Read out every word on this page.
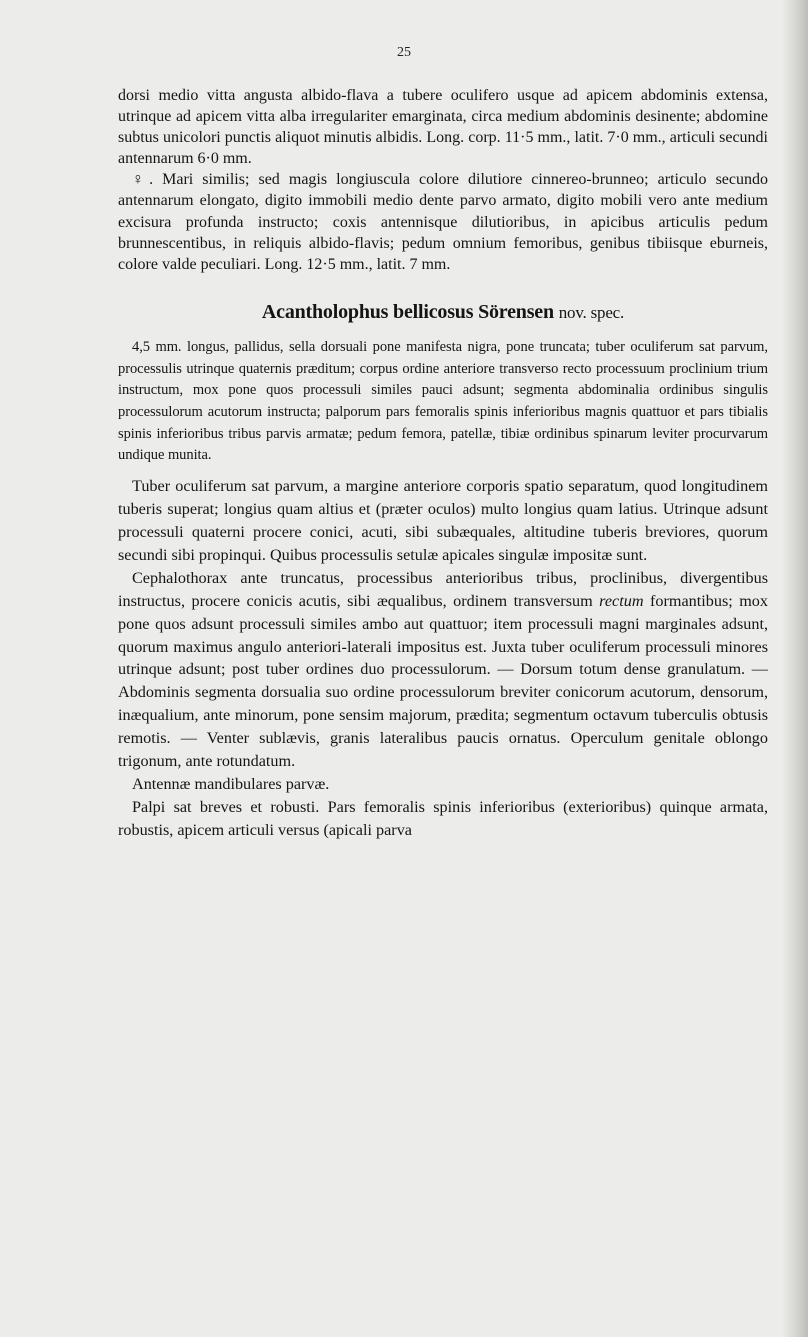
25

dorsi medio vitta angusta albido-flava a tubere oculifero usque ad apicem abdominis extensa, utrinque ad apicem vitta alba irregulariter emarginata, circa medium abdominis desinente; abdomine subtus unicolori punctis aliquot minutis albidis. Long. corp. 11·5 mm., latit. 7·0 mm., articuli secundi antennarum 6·0 mm.

♀. Mari similis; sed magis longiuscula colore dilutiore cinnereo-brunneo; articulo secundo antennarum elongato, digito immobili medio dente parvo armato, digito mobili vero ante medium excisura profunda instructo; coxis antennisque dilutioribus, in apicibus articulis pedum brunnescentibus, in reliquis albido-flavis; pedum omnium femoribus, genibus tibiisque eburneis, colore valde peculiari. Long. 12·5 mm., latit. 7 mm.

Acantholophus bellicosus Sörensen nov. spec.

4,5 mm. longus, pallidus, sella dorsuali pone manifesta nigra, pone truncata; tuber oculiferum sat parvum, processulis utrinque quaternis præditum; corpus ordine anteriore transverso recto processuum proclinium trium instructum, mox pone quos processuli similes pauci adsunt; segmenta abdominalia ordinibus singulis processulorum acutorum instructa; palporum pars femoralis spinis inferioribus magnis quattuor et pars tibialis spinis inferioribus tribus parvis armatæ; pedum femora, patellæ, tibiæ ordinibus spinarum leviter procurvarum undique munita.

Tuber oculiferum sat parvum, a margine anteriore corporis spatio separatum, quod longitudinem tuberis superat; longius quam altius et (præter oculos) multo longius quam latius. Utrinque adsunt processuli quaterni procere conici, acuti, sibi subæquales, altitudine tuberis breviores, quorum secundi sibi propinqui. Quibus processulis setulæ apicales singulæ impositæ sunt.

Cephalothorax ante truncatus, processibus anterioribus tribus, proclinibus, divergentibus instructus, procere conicis acutis, sibi æqualibus, ordinem transversum rectum formantibus; mox pone quos adsunt processuli similes ambo aut quattuor; item processuli magni marginales adsunt, quorum maximus angulo anteriori-laterali impositus est. Juxta tuber oculiferum processuli minores utrinque adsunt; post tuber ordines duo processulorum. — Dorsum totum dense granulatum. — Abdominis segmenta dorsualia suo ordine processulorum breviter conicorum acutorum, densorum, inæqualium, ante minorum, pone sensim majorum, prædita; segmentum octavum tuberculis obtusis remotis. — Venter sublævis, granis lateralibus paucis ornatus. Operculum genitale oblongo trigonum, ante rotundatum.

Antennæ mandibulares parvæ.

Palpi sat breves et robusti. Pars femoralis spinis inferioribus (exterioribus) quinque armata, robustis, apicem articuli versus (apicali parva
